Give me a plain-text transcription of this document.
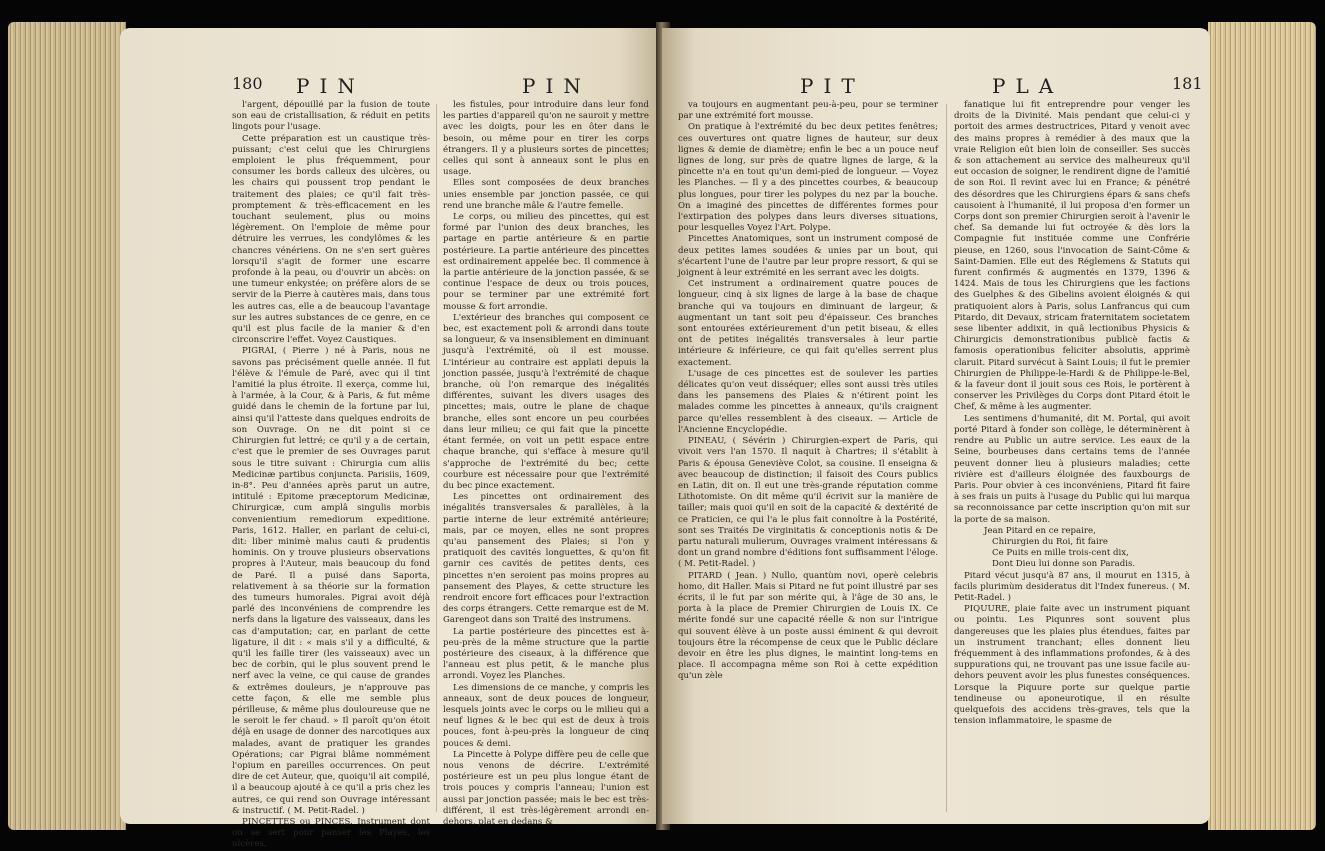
180 PIN	PIN

l'argent, dépouillé par la fusion de toute son eau de cristallisation, & réduit en petits lingots pour l'usage.

Cette préparation est un caustique très-puissant; c'est celui que les Chirurgiens emploient le plus fréquemment, pour consumer les bords calleux des ulcères, ou les chairs qui poussent trop pendant le traitement des plaies; ce qu'il fait très-promptement & très-efficacement en les touchant seulement, plus ou moins légèrement. On l'emploie de même pour détruire les verrues, les condylômes & les chancres vénériens. On ne s'en sert guères lorsqu'il s'agit de former une escarre profonde à la peau, ou d'ouvrir un abcès: on une tumeur enkystée; on préfère alors de se servir de la Pierre à cautères mais, dans tous les autres cas, elle a de beaucoup l'avantage sur les autres substances de ce genre, en ce qu'il est plus facile de la manier & d'en circonscrire l'effet. Voyez Caustiques.

PIGRAI, ( Pierre ) né à Paris, nous ne savons pas précisément quelle année. Il fut l'élève & l'émule de Paré, avec qui il tint l'amitié la plus étroite. Il exerça, comme lui, à l'armée, à la Cour, & à Paris, & fut même guidé dans le chemin de la fortune par lui, ainsi qu'il l'atteste dans quelques endroits de son Ouvrage. On ne dit point si ce Chirurgien fut lettré; ce qu'il y a de certain, c'est que le premier de ses Ouvrages parut sous le titre suivant : Chirurgia cum aliis Medicinæ partibus conjuncta. Parisiis, 1609, in-8°. Peu d'années après parut un autre, intitulé : Epitome præceptorum Medicinæ, Chirurgicæ, cum amplâ singulis morbis convenientium remediorum expeditione. Paris, 1612. Haller, en parlant de celui-ci, dit: liber minimè malus cauti & prudentis hominis. On y trouve plusieurs observations propres à l'Auteur, mais beaucoup du fond de Paré. Il a puisé dans Saporta, relativement à sa théorie sur la formation des tumeurs humorales. Pigrai avoit déjà parlé des inconvéniens de comprendre les nerfs dans la ligature des vaisseaux, dans les cas d'amputation; car, en parlant de cette ligature, il dit : « mais s'il y a difficulté, & qu'il les faille tirer (les vaisseaux) avec un bec de corbin, qui le plus souvent prend le nerf avec la veine, ce qui cause de grandes & extrêmes douleurs, je n'approuve pas cette façon, & elle me semble plus périlleuse, & même plus douloureuse que ne le seroit le fer chaud. » Il paroît qu'on étoit déjà en usage de donner des narcotiques aux malades, avant de pratiquer les grandes Opérations; car Pigrai blâme nommément l'opium en pareilles occurrences. On peut dire de cet Auteur, que, quoiqu'il ait compilé, il a beaucoup ajouté à ce qu'il a pris chez les autres, ce qui rend son Ouvrage intéressant & instructif. ( M. Petit-Radel. )

PINCETTES ou PINCES. Instrument dont on se sert pour panser les Playes, les ulcères,

les fistules, pour introduire dans leur fond les parties d'appareil qu'on ne sauroit y mettre avec les doigts, pour les en ôter dans le besoin, ou même pour en tirer les corps étrangers. Il y a plusieurs sortes de pincettes; celles qui sont à anneaux sont le plus en usage.

Elles sont composées de deux branches unies ensemble par jonction passée, ce qui rend une branche mâle & l'autre femelle.

Le corps, ou milieu des pincettes, qui est formé par l'union des deux branches, les partage en partie antérieure & en partie postérieure. La partie antérieure des pincettes est ordinairement appelée bec. Il commence à la partie antérieure de la jonction passée, & se continue l'espace de deux ou trois pouces, pour se terminer par une extrémité fort mousse & fort arrondie.

L'extérieur des branches qui composent ce bec, est exactement poli & arrondi dans toute sa longueur, & va insensiblement en diminuant jusqu'à l'extrémité, où il est mousse. L'intérieur au contraire est applati depuis la jonction passée, jusqu'à l'extrémité de chaque branche, où l'on remarque des inégalités différentes, suivant les divers usages des pincettes; mais, outre le plane de chaque branche, elles sont encore un peu courbées dans leur milieu; ce qui fait que la pincette étant fermée, on voit un petit espace entre chaque branche, qui s'efface à mesure qu'il s'approche de l'extrémité du bec; cette courbure est nécessaire pour que l'extrémité du bec pince exactement.

Les pincettes ont ordinairement des inégalités transversales & parallèles, à la partie interne de leur extrémité antérieure; mais, par ce moyen, elles ne sont propres qu'au pansement des Plaies; si l'on y pratiquoit des cavités longuettes, & qu'on fit garnir ces cavités de petites dents, ces pincettes n'en seroient pas moins propres au pansement des Playes, & cette structure les rendroit encore fort efficaces pour l'extraction des corps étrangers. Cette remarque est de M. Garengeot dans son Traité des instrumens.

La partie postérieure des pincettes est à-peu-près de la même structure que la partie postérieure des ciseaux, à la différence que l'anneau est plus petit, & le manche plus arrondi. Voyez les Planches.

Les dimensions de ce manche, y compris les anneaux, sont de deux pouces de longueur, lesquels joints avec le corps ou le milieu qui a neuf lignes & le bec qui est de deux à trois pouces, font à-peu-près la longueur de cinq pouces & demi.

La Pincette à Polype diffère peu de celle que nous venons de décrire. L'extrémité postérieure est un peu plus longue étant de trois pouces y compris l'anneau; l'union est aussi par jonction passée; mais le bec est très-différent, il est très-légèrement arrondi en-dehors, plat en dedans &

PIT	PLA	181

va toujours en augmentant peu-à-peu, pour se terminer par une extrémité fort mousse.

On pratique à l'extrémité du bec deux petites fenêtres; ces ouvertures ont quatre lignes de hauteur, sur deux lignes & demie de diamètre; enfin le bec a un pouce neuf lignes de long, sur près de quatre lignes de large, & la pincette n'a en tout qu'un demi-pied de longueur. — Voyez les Planches. — Il y a des pincettes courbes, & beaucoup plus longues, pour tirer les polypes du nez par la bouche. On a imaginé des pincettes de différentes formes pour l'extirpation des polypes dans leurs diverses situations, pour lesquelles Voyez l'Art. Polype.

Pincettes Anatomiques, sont un instrument composé de deux petites lames soudées & unies par un bout, qui s'écartent l'une de l'autre par leur propre ressort, & qui se joignent à leur extrémité en les serrant avec les doigts.

Cet instrument a ordinairement quatre pouces de longueur, cinq à six lignes de large à la base de chaque branche qui va toujours en diminuant de largeur, & augmentant un tant soit peu d'épaisseur. Ces branches sont entourées extérieurement d'un petit biseau, & elles ont de petites inégalités transversales à leur partie intérieure & inférieure, ce qui fait qu'elles serrent plus exactement.

L'usage de ces pincettes est de soulever les parties délicates qu'on veut disséquer; elles sont aussi très utiles dans les pansemens des Plaies & n'étirent point les malades comme les pincettes à anneaux, qu'ils craignent parce qu'elles ressemblent à des ciseaux. — Article de l'Ancienne Encyclopédie.

PINEAU, ( Sévérin ) Chirurgien-expert de Paris, qui vivoit vers l'an 1570. Il naquit à Chartres; il s'établit à Paris & épousa Geneviève Colot, sa cousine. Il enseigna & avec beaucoup de distinction; il faisoit des Cours publics en Latin, dit on. Il eut une très-grande réputation comme Lithotomiste. On dit même qu'il écrivit sur la manière de tailler; mais quoi qu'il en soit de la capacité & dextérité de ce Praticien, ce qui l'a le plus fait connoître à la Postérité, sont ses Traités De virginitatis & conceptionis notis & De partu naturali mulierum, Ouvrages vraiment intéressans & dont un grand nombre d'éditions font suffisamment l'éloge. ( M. Petit-Radel. )

PITARD ( Jean. ) Nullo, quantùm novi, operè celebris homo, dit Haller. Mais si Pitard ne fut point illustré par ses écrits, il le fut par son mérite qui, à l'âge de 30 ans, le porta à la place de Premier Chirurgien de Louis IX. Ce mérite fondé sur une capacité réelle & non sur l'intrigue qui souvent élève à un poste aussi éminent & qui devroit toujours être la récompense de ceux que le Public déclare devoir en être les plus dignes, le maintint long-tems en place. Il accompagna même son Roi à cette expédition qu'un zèle

fanatique lui fit entreprendre pour venger les droits de la Divinité. Mais pendant que celui-ci y portoit des armes destructrices, Pitard y venoit avec des mains propres à remédier à des maux que la vraie Religion eût bien loin de conseiller. Ses succès & son attachement au service des malheureux qu'il eut occasion de soigner, le rendirent digne de l'amitié de son Roi. Il revint avec lui en France; & pénétré des désordres que les Chirurgiens épars & sans chefs causoient à l'humanité, il lui proposa d'en former un Corps dont son premier Chirurgien seroit à l'avenir le chef. Sa demande lui fut octroyée & dès lors la Compagnie fut instituée comme une Confrérie pieuse, en 1260, sous l'invocation de Saint-Côme & Saint-Damien. Elle eut des Réglemens & Statuts qui furent confirmés & augmentés en 1379, 1396 & 1424. Mais de tous les Chirurgiens que les factions des Guelphes & des Gibelins avoient éloignés & qui pratiquoient alors à Paris, solus Lanfrancus qui cum Pitardo, dit Devaux, stricam fraternitatem societatem sese libenter addixit, in quâ lectionibus Physicis & Chirurgicis demonstrationibus publicè factis & famosis operationibus feliciter absolutis, apprimè claruit. Pitard survécut à Saint Louis; il fut le premier Chirurgien de Philippe-le-Hardi & de Philippe-le-Bel, & la faveur dont il jouit sous ces Rois, le portèrent à conserver les Privilèges du Corps dont Pitard étoit le Chef, & même à les augmenter.

Les sentimens d'humanité, dit M. Portal, qui avoit porté Pitard à fonder son collège, le déterminèrent à rendre au Public un autre service. Les eaux de la Seine, bourbeuses dans certains tems de l'année peuvent donner lieu à plusieurs maladies; cette rivière est d'ailleurs éloignée des fauxbourgs de Paris. Pour obvier à ces inconvéniens, Pitard fit faire à ses frais un puits à l'usage du Public qui lui marqua sa reconnoissance par cette inscription qu'on mit sur la porte de sa maison.

Jean Pitard en ce repaire,

Chirurgien du Roi, fit faire

Ce Puits en mille trois-cent dix,

Dont Dieu lui donne son Paradis.

Pitard vécut jusqu'à 87 ans, il mourut en 1315, à facils plurimùm desideratus dit l'Index funereus. ( M. Petit-Radel. )

PIQUURE, plaie faite avec un instrument piquant ou pointu. Les Piqunres sont souvent plus dangereuses que les plaies plus étendues, faites par un instrument tranchant; elles donnent lieu fréquemment à des inflammations profondes, & à des suppurations qui, ne trouvant pas une issue facile au-dehors peuvent avoir les plus funestes conséquences. Lorsque la Piquure porte sur quelque partie tendineuse ou aponeurotique, il en résulte quelquefois des accidens très-graves, tels que la tension inflammatoire, le spasme de
